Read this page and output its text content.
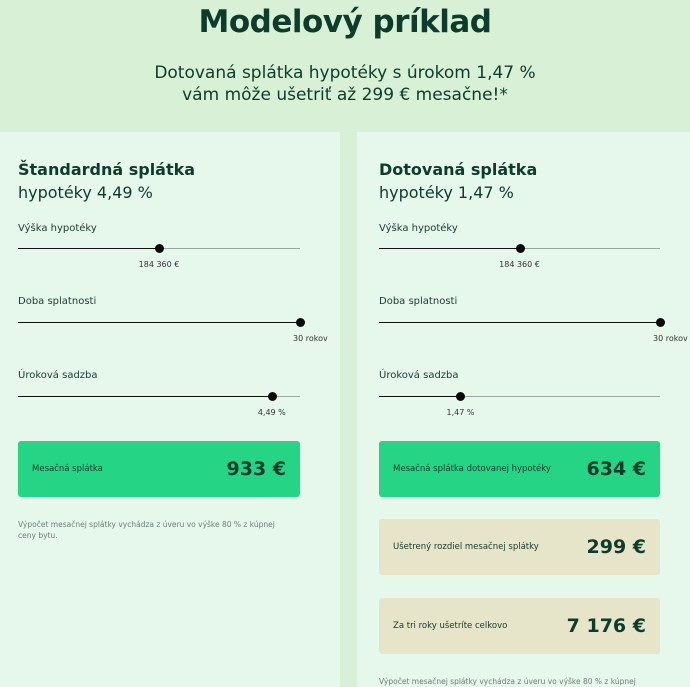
Modelový príklad
Dotovaná splátka hypotéky s úrokom 1,47 %
vám môže ušetriť až 299 € mesačne!*
Štandardná splátka
hypotéky 4,49 %
Výška hypotéky
184 360 €
Doba splatnosti
30 rokov
Úroková sadzba
4,49 %
Mesačná splátka	933 €
Výpočet mesačnej splátky vychádza z úveru vo výške 80 % z kúpnej ceny bytu.
Dotovaná splátka
hypotéky 1,47 %
Výška hypotéky
184 360 €
Doba splatnosti
30 rokov
Úroková sadzba
1,47 %
Mesačná splátka dotovanej hypotéky 634 €
Ušetrený rozdiel mesačnej splátky	299 €
Za tri roky ušetríte celkovo	7 176 €
Výpočet mesačnej splátky vychádza z úveru vo výške 80 % z kúpnej
